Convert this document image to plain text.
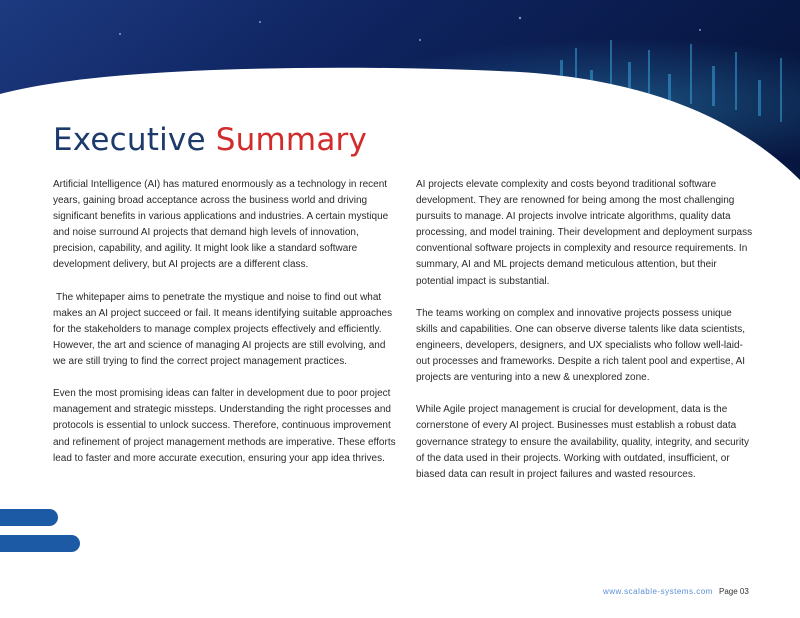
Executive Summary

Artificial Intelligence (AI) has matured enormously as a technology in recent years, gaining broad acceptance across the business world and driving significant benefits in various applications and industries. A certain mystique and noise surround AI projects that demand high levels of innovation, precision, capability, and agility. It might look like a standard software development delivery, but AI projects are a different class.

The whitepaper aims to penetrate the mystique and noise to find out what makes an AI project succeed or fail. It means identifying suitable approaches for the stakeholders to manage complex projects effectively and efficiently. However, the art and science of managing AI projects are still evolving, and we are still trying to find the correct project management practices.

Even the most promising ideas can falter in development due to poor project management and strategic missteps. Understanding the right processes and protocols is essential to unlock success. Therefore, continuous improvement and refinement of project management methods are imperative. These efforts lead to faster and more accurate execution, ensuring your app idea thrives.

AI projects elevate complexity and costs beyond traditional software development. They are renowned for being among the most challenging pursuits to manage. AI projects involve intricate algorithms, quality data processing, and model training. Their development and deployment surpass conventional software projects in complexity and resource requirements. In summary, AI and ML projects demand meticulous attention, but their potential impact is substantial.

The teams working on complex and innovative projects possess unique skills and capabilities. One can observe diverse talents like data scientists, engineers, developers, designers, and UX specialists who follow well-laid-out processes and frameworks. Despite a rich talent pool and expertise, AI projects are venturing into a new & unexplored zone.

While Agile project management is crucial for development, data is the cornerstone of every AI project. Businesses must establish a robust data governance strategy to ensure the availability, quality, integrity, and security of the data used in their projects. Working with outdated, insufficient, or biased data can result in project failures and wasted resources.

www.scalable-systems.com Page 03
